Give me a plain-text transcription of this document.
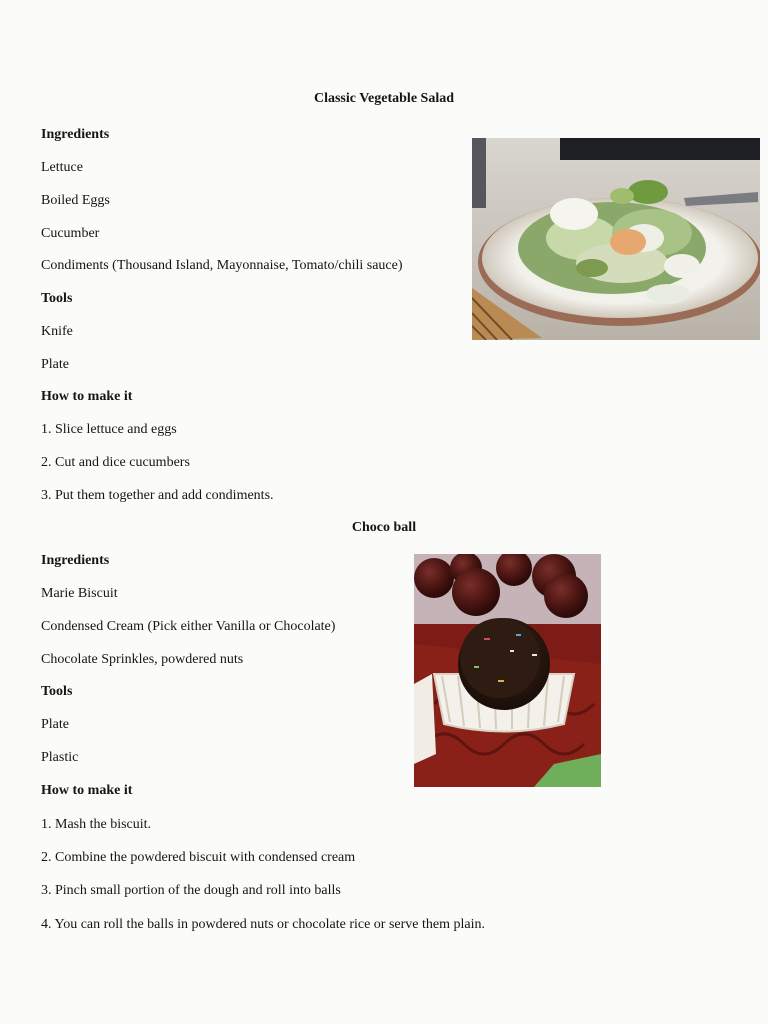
Classic Vegetable Salad
Ingredients
Lettuce
Boiled Eggs
Cucumber
Condiments (Thousand Island, Mayonnaise, Tomato/chili sauce)
Tools
Knife
Plate
How to make it
1. Slice lettuce and eggs
2. Cut and dice cucumbers
3. Put them together and add condiments.
Choco ball
Ingredients
Marie Biscuit
Condensed Cream (Pick either Vanilla or Chocolate)
Chocolate Sprinkles, powdered nuts
Tools
Plate
Plastic
How to make it
1. Mash the biscuit.
2. Combine the powdered biscuit with condensed cream
3. Pinch small portion of the dough and roll into balls
4. You can roll the balls in powdered nuts or chocolate rice or serve them plain.
